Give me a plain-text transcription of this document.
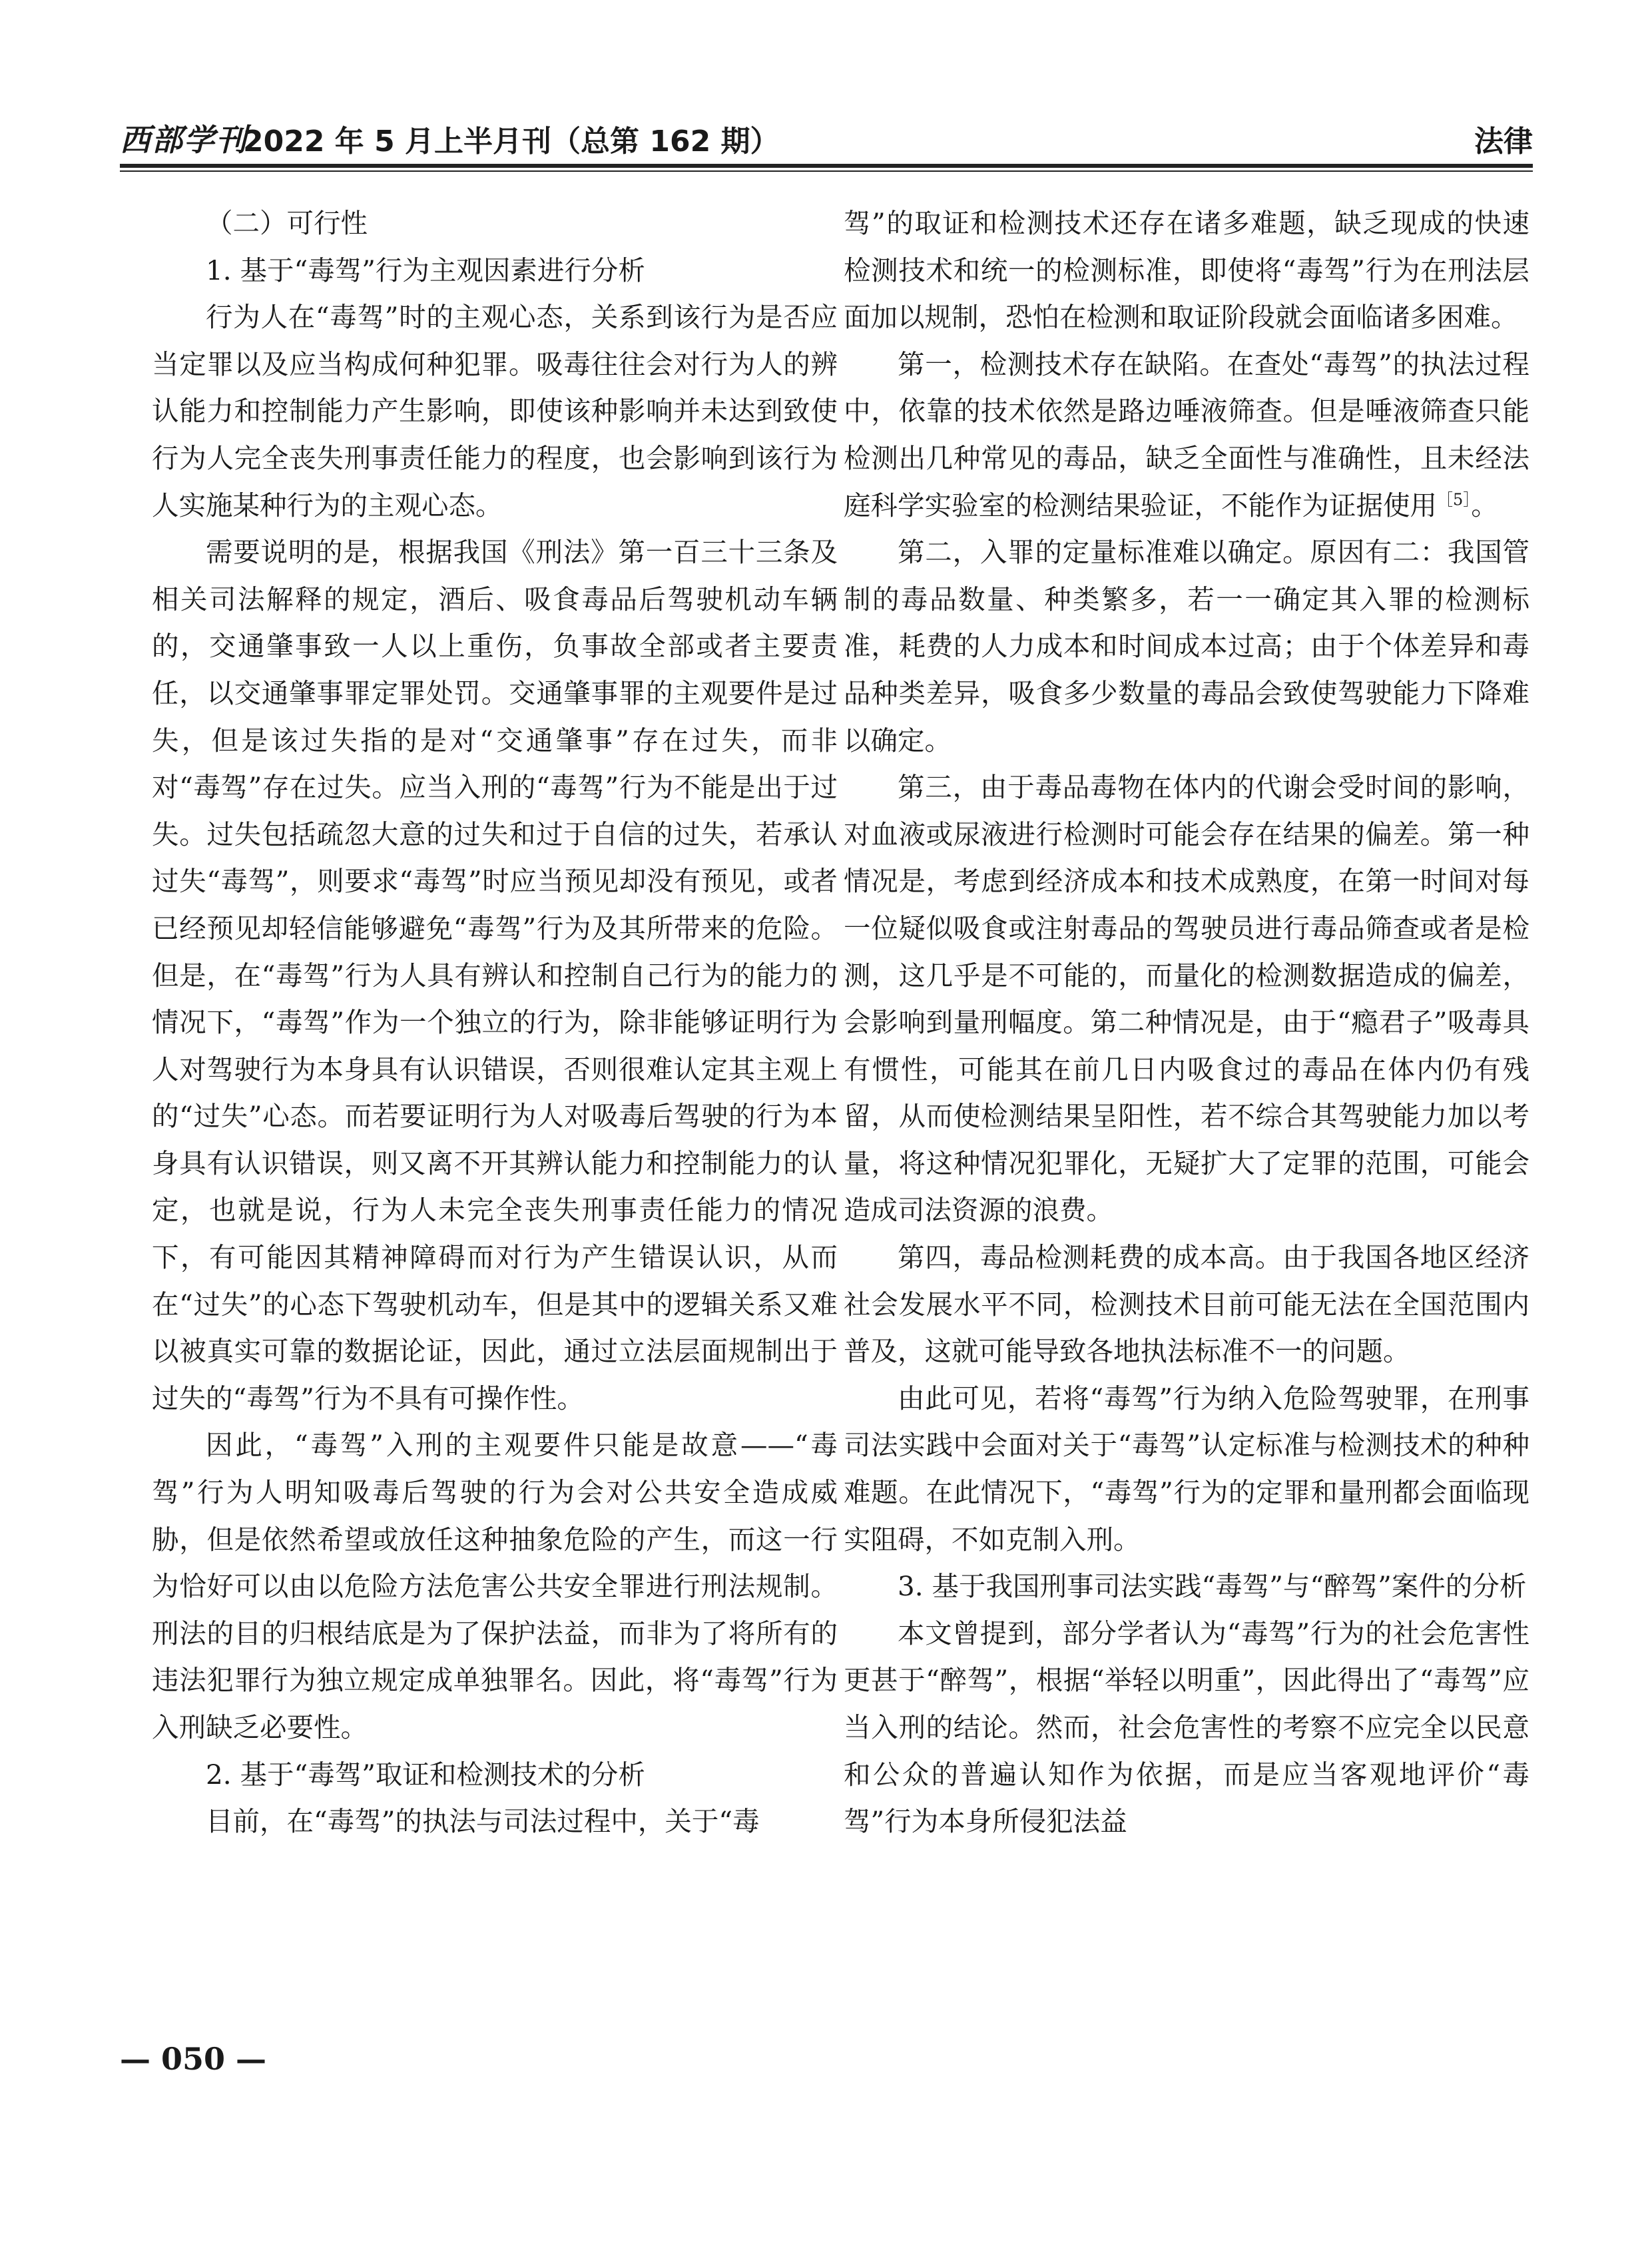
西部学刊
2022 年 5 月上半月刊（总第 162 期）	法律

（二）可行性

1. 基于“毒驾”行为主观因素进行分析

行为人在“毒驾”时的主观心态，关系到该行为是否应当定罪以及应当构成何种犯罪。吸毒往往会对行为人的辨认能力和控制能力产生影响，即使该种影响并未达到致使行为人完全丧失刑事责任能力的程度，也会影响到该行为人实施某种行为的主观心态。

需要说明的是，根据我国《刑法》第一百三十三条及相关司法解释的规定，酒后、吸食毒品后驾驶机动车辆的，交通肇事致一人以上重伤，负事故全部或者主要责任，以交通肇事罪定罪处罚。交通肇事罪的主观要件是过失，但是该过失指的是对“交通肇事”存在过失，而非对“毒驾”存在过失。应当入刑的“毒驾”行为不能是出于过失。过失包括疏忽大意的过失和过于自信的过失，若承认过失“毒驾”，则要求“毒驾”时应当预见却没有预见，或者已经预见却轻信能够避免“毒驾”行为及其所带来的危险。但是，在“毒驾”行为人具有辨认和控制自己行为的能力的情况下，“毒驾”作为一个独立的行为，除非能够证明行为人对驾驶行为本身具有认识错误，否则很难认定其主观上的“过失”心态。而若要证明行为人对吸毒后驾驶的行为本身具有认识错误，则又离不开其辨认能力和控制能力的认定，也就是说，行为人未完全丧失刑事责任能力的情况下，有可能因其精神障碍而对行为产生错误认识，从而在“过失”的心态下驾驶机动车，但是其中的逻辑关系又难以被真实可靠的数据论证，因此，通过立法层面规制出于过失的“毒驾”行为不具有可操作性。

因此，“毒驾”入刑的主观要件只能是故意——“毒驾”行为人明知吸毒后驾驶的行为会对公共安全造成威胁，但是依然希望或放任这种抽象危险的产生，而这一行为恰好可以由以危险方法危害公共安全罪进行刑法规制。刑法的目的归根结底是为了保护法益，而非为了将所有的违法犯罪行为独立规定成单独罪名。因此，将“毒驾”行为入刑缺乏必要性。

2. 基于“毒驾”取证和检测技术的分析

目前，在“毒驾”的执法与司法过程中，关于“毒

驾”的取证和检测技术还存在诸多难题，缺乏现成的快速检测技术和统一的检测标准，即使将“毒驾”行为在刑法层面加以规制，恐怕在检测和取证阶段就会面临诸多困难。

第一，检测技术存在缺陷。在查处“毒驾”的执法过程中，依靠的技术依然是路边唾液筛查。但是唾液筛查只能检测出几种常见的毒品，缺乏全面性与准确性，且未经法庭科学实验室的检测结果验证，不能作为证据使用$^{[5]}$。

第二，入罪的定量标准难以确定。原因有二：我国管制的毒品数量、种类繁多，若一一确定其入罪的检测标准，耗费的人力成本和时间成本过高；由于个体差异和毒品种类差异，吸食多少数量的毒品会致使驾驶能力下降难以确定。

第三，由于毒品毒物在体内的代谢会受时间的影响，对血液或尿液进行检测时可能会存在结果的偏差。第一种情况是，考虑到经济成本和技术成熟度，在第一时间对每一位疑似吸食或注射毒品的驾驶员进行毒品筛查或者是检测，这几乎是不可能的，而量化的检测数据造成的偏差，会影响到量刑幅度。第二种情况是，由于“瘾君子”吸毒具有惯性，可能其在前几日内吸食过的毒品在体内仍有残留，从而使检测结果呈阳性，若不综合其驾驶能力加以考量，将这种情况犯罪化，无疑扩大了定罪的范围，可能会造成司法资源的浪费。

第四，毒品检测耗费的成本高。由于我国各地区经济社会发展水平不同，检测技术目前可能无法在全国范围内普及，这就可能导致各地执法标准不一的问题。

由此可见，若将“毒驾”行为纳入危险驾驶罪，在刑事司法实践中会面对关于“毒驾”认定标准与检测技术的种种难题。在此情况下，“毒驾”行为的定罪和量刑都会面临现实阻碍，不如克制入刑。

3. 基于我国刑事司法实践“毒驾”与“醉驾”案件的分析

本文曾提到，部分学者认为“毒驾”行为的社会危害性更甚于“醉驾”，根据“举轻以明重”，因此得出了“毒驾”应当入刑的结论。然而，社会危害性的考察不应完全以民意和公众的普遍认知作为依据，而是应当客观地评价“毒驾”行为本身所侵犯法益

— 050 —
